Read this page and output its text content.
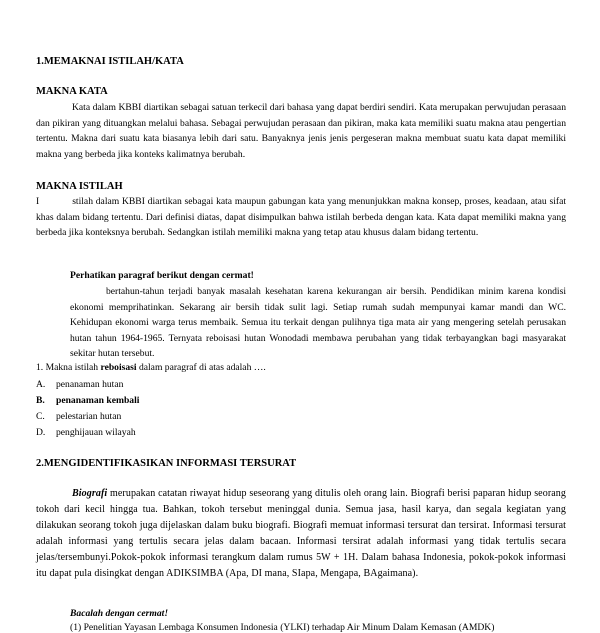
1.MEMAKNAI ISTILAH/KATA
MAKNA KATA
Kata dalam KBBI diartikan sebagai satuan terkecil dari bahasa yang dapat berdiri sendiri. Kata merupakan perwujudan perasaan dan pikiran yang dituangkan melalui bahasa. Sebagai perwujudan perasaan dan pikiran, maka kata memiliki suatu makna atau pengertian tertentu. Makna dari suatu kata biasanya lebih dari satu. Banyaknya jenis jenis pergeseran makna membuat suatu kata dapat memiliki makna yang berbeda jika konteks kalimatnya berubah.
MAKNA ISTILAH
I	stilah dalam KBBI diartikan sebagai kata maupun gabungan kata yang menunjukkan makna konsep, proses, keadaan, atau sifat khas dalam bidang tertentu. Dari definisi diatas, dapat disimpulkan bahwa istilah berbeda dengan kata. Kata dapat memiliki makna yang berbeda jika konteksnya berubah. Sedangkan istilah memiliki makna yang tetap atau khusus dalam bidang tertentu.
Perhatikan paragraf berikut dengan cermat!
bertahun-tahun terjadi banyak masalah kesehatan karena kekurangan air bersih. Pendidikan minim karena kondisi ekonomi memprihatinkan. Sekarang air bersih tidak sulit lagi. Setiap rumah sudah mempunyai kamar mandi dan WC. Kehidupan ekonomi warga terus membaik. Semua itu terkait dengan pulihnya tiga mata air yang mengering setelah perusakan hutan tahun 1964-1965. Ternyata reboisasi hutan Wonodadi membawa perubahan yang tidak terbayangkan bagi masyarakat sekitar hutan tersebut.
1. Makna istilah reboisasi dalam paragraf di atas adalah ….
A. penanaman hutan
B. penanaman kembali
C. pelestarian hutan
D. penghijauan wilayah
2.MENGIDENTIFIKASIKAN INFORMASI TERSURAT
Biografi merupakan catatan riwayat hidup seseorang yang ditulis oleh orang lain. Biografi berisi paparan hidup seorang tokoh dari kecil hingga tua. Bahkan, tokoh tersebut meninggal dunia. Semua jasa, hasil karya, dan segala kegiatan yang dilakukan seorang tokoh juga dijelaskan dalam buku biografi. Biografi memuat informasi tersurat dan tersirat. Informasi tersurat adalah informasi yang tertulis secara jelas dalam bacaan. Informasi tersirat adalah informasi yang tidak tertulis secara jelas/tersembunyi.Pokok-pokok informasi terangkum dalam rumus 5W + 1H. Dalam bahasa Indonesia, pokok-pokok informasi itu dapat pula disingkat dengan ADIKSIMBA (Apa, DI mana, SIapa, Mengapa, BAgaimana).
Bacalah dengan cermat!
(1) Penelitian Yayasan Lembaga Konsumen Indonesia (YLKI) terhadap Air Minum Dalam Kemasan (AMDK)
